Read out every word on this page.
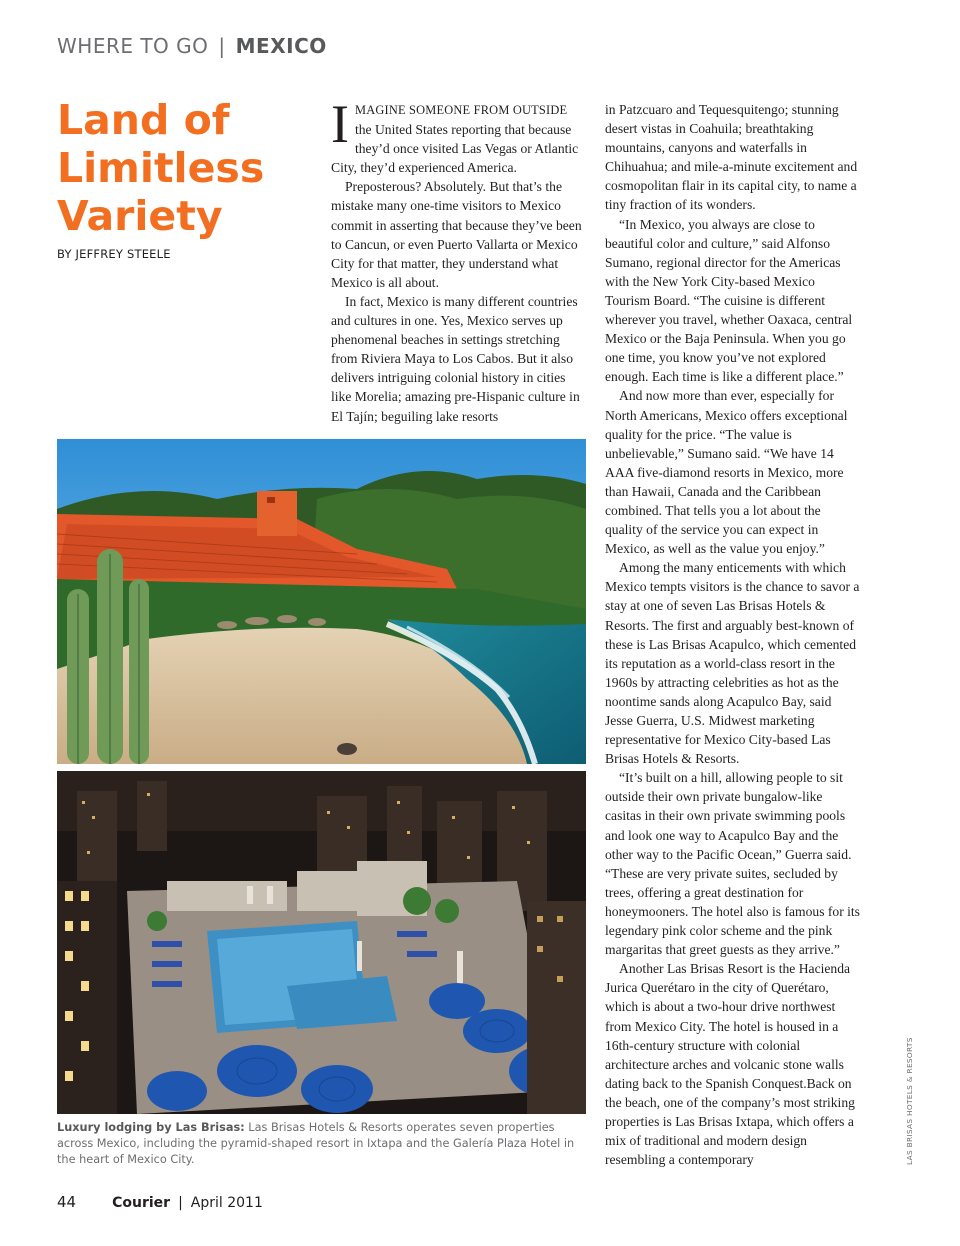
WHERE TO GO | MEXICO
Land of
Limitless
Variety
BY JEFFREY STEELE

IMAGINE SOMEONE FROM OUTSIDE the United States reporting that because they’d once visited Las Vegas or Atlantic City, they’d experienced America.

Preposterous? Absolutely. But that’s the mistake many one-time visitors to Mexico commit in asserting that because they’ve been to Cancun, or even Puerto Vallarta or Mexico City for that matter, they understand what Mexico is all about.

In fact, Mexico is many different countries and cultures in one. Yes, Mexico serves up phenomenal beaches in settings stretching from Riviera Maya to Los Cabos. But it also delivers intriguing colonial history in cities like Morelia; amazing pre-Hispanic culture in El Tajín; beguiling lake resorts

in Patzcuaro and Tequesquitengo; stunning desert vistas in Coahuila; breathtaking mountains, canyons and waterfalls in Chihuahua; and mile-a-minute excitement and cosmopolitan flair in its capital city, to name a tiny fraction of its wonders.

“In Mexico, you always are close to beautiful color and culture,” said Alfonso Sumano, regional director for the Americas with the New York City-based Mexico Tourism Board. “The cuisine is different wherever you travel, whether Oaxaca, central Mexico or the Baja Peninsula. When you go one time, you know you’ve not explored enough. Each time is like a different place.”

And now more than ever, especially for North Americans, Mexico offers exceptional quality for the price. “The value is unbelievable,” Sumano said. “We have 14 AAA five-diamond resorts in Mexico, more than Hawaii, Canada and the Caribbean combined. That tells you a lot about the quality of the service you can expect in Mexico, as well as the value you enjoy.”

Among the many enticements with which Mexico tempts visitors is the chance to savor a stay at one of seven Las Brisas Hotels & Resorts. The first and arguably best-known of these is Las Brisas Acapulco, which cemented its reputation as a world-class resort in the 1960s by attracting celebrities as hot as the noontime sands along Acapulco Bay, said Jesse Guerra, U.S. Midwest marketing representative for Mexico City-based Las Brisas Hotels & Resorts.

“It’s built on a hill, allowing people to sit outside their own private bungalow-like casitas in their own private swimming pools and look one way to Acapulco Bay and the other way to the Pacific Ocean,” Guerra said. “These are very private suites, secluded by trees, offering a great destination for honeymooners. The hotel also is famous for its legendary pink color scheme and the pink margaritas that greet guests as they arrive.”

Another Las Brisas Resort is the Hacienda Jurica Querétaro in the city of Querétaro, which is about a two-hour drive northwest from Mexico City. The hotel is housed in a 16th-century structure with colonial architecture arches and volcanic stone walls dating back to the Spanish Conquest.Back on the beach, one of the company’s most striking properties is Las Brisas Ixtapa, which offers a mix of traditional and modern design resembling a contemporary

Luxury lodging by Las Brisas: Las Brisas Hotels & Resorts operates seven properties across Mexico, including the pyramid-shaped resort in Ixtapa and the Galería Plaza Hotel in the heart of Mexico City.	LAS BRISAS HOTELS & RESORTS
44	Courier | April 2011
